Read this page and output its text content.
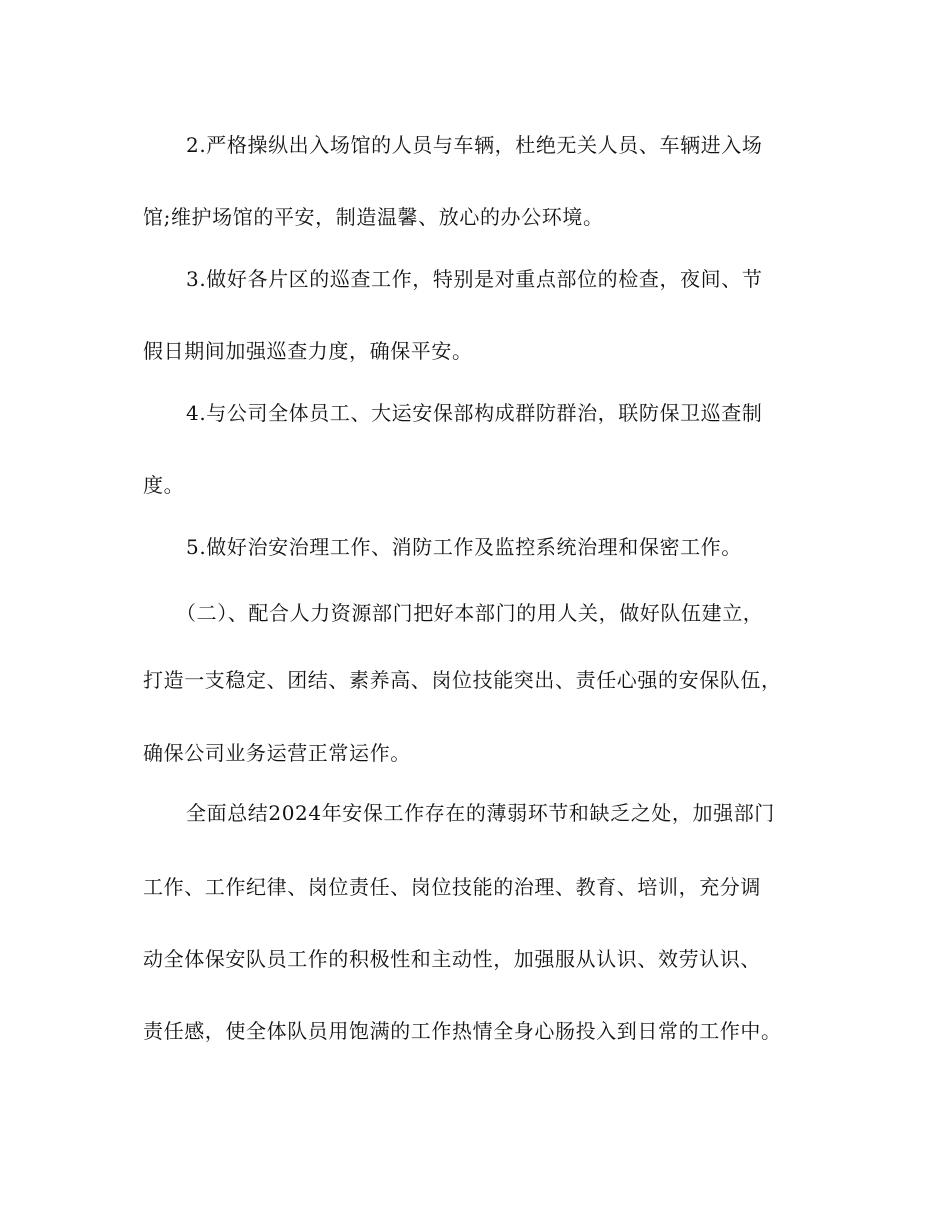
2.严格操纵出入场馆的人员与车辆，杜绝无关人员、车辆进入场
馆;维护场馆的平安，制造温馨、放心的办公环境。
3.做好各片区的巡查工作，特别是对重点部位的检查，夜间、节
假日期间加强巡查力度，确保平安。
4.与公司全体员工、大运安保部构成群防群治，联防保卫巡查制
度。
5.做好治安治理工作、消防工作及监控系统治理和保密工作。
（二）、配合人力资源部门把好本部门的用人关，做好队伍建立，
打造一支稳定、团结、素养高、岗位技能突出、责任心强的安保队伍，
确保公司业务运营正常运作。
全面总结2024年安保工作存在的薄弱环节和缺乏之处，加强部门
工作、工作纪律、岗位责任、岗位技能的治理、教育、培训，充分调
动全体保安队员工作的积极性和主动性，加强服从认识、效劳认识、
责任感，使全体队员用饱满的工作热情全身心肠投入到日常的工作中。
